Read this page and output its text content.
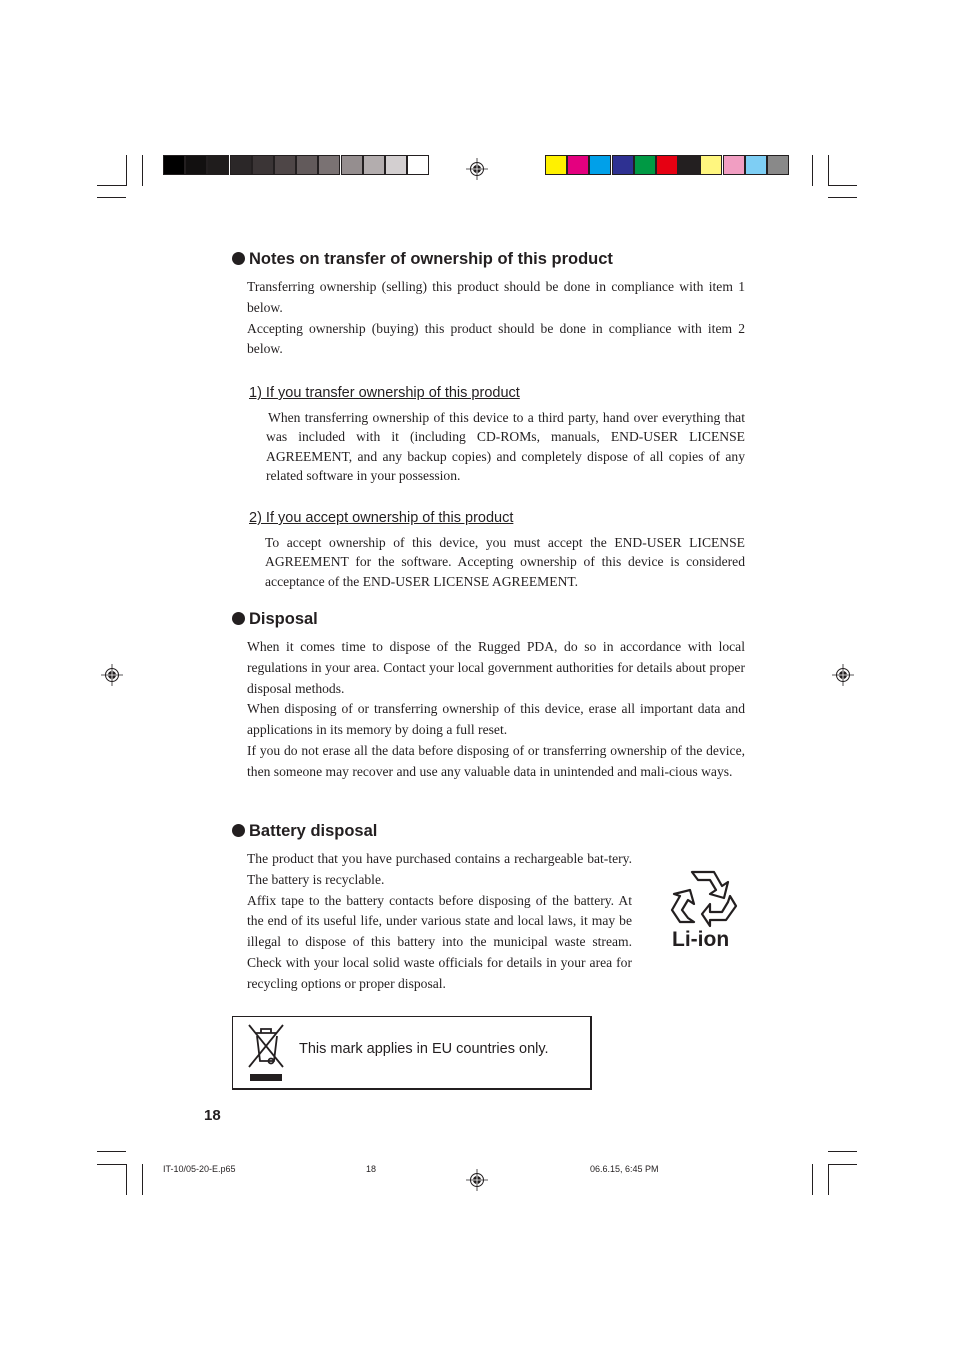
Notes on transfer of ownership of this product
Transferring ownership (selling) this product should be done in compliance with item 1 below.
Accepting ownership (buying) this product should be done in compliance with item 2 below.
1) If you transfer ownership of this product
When transferring ownership of this device to a third party, hand over everything that was included with it (including CD-ROMs, manuals, END-USER LICENSE AGREEMENT, and any backup copies) and completely dispose of all copies of any related software in your possession.
2) If you accept ownership of this product
To accept ownership of this device, you must accept the END-USER LICENSE AGREEMENT for the software. Accepting ownership of this device is considered acceptance of the END-USER LICENSE AGREEMENT.
Disposal
When it comes time to dispose of the Rugged PDA, do so in accordance with local regulations in your area. Contact your local government authorities for details about proper disposal methods.
When disposing of or transferring ownership of this device, erase all important data and applications in its memory by doing a full reset.
If you do not erase all the data before disposing of or transferring ownership of the device, then someone may recover and use any valuable data in unintended and mali-cious ways.
Battery disposal
The product that you have purchased contains a rechargeable bat-tery. The battery is recyclable.
Affix tape to the battery contacts before disposing of the battery. At the end of its useful life, under various state and local laws, it may be illegal to dispose of this battery into the municipal waste stream. Check with your local solid waste officials for details in your area for recycling options or proper disposal.
Li-ion
This mark applies in EU countries only.
18
IT-10/05-20-E.p65	18	06.6.15, 6:45 PM
